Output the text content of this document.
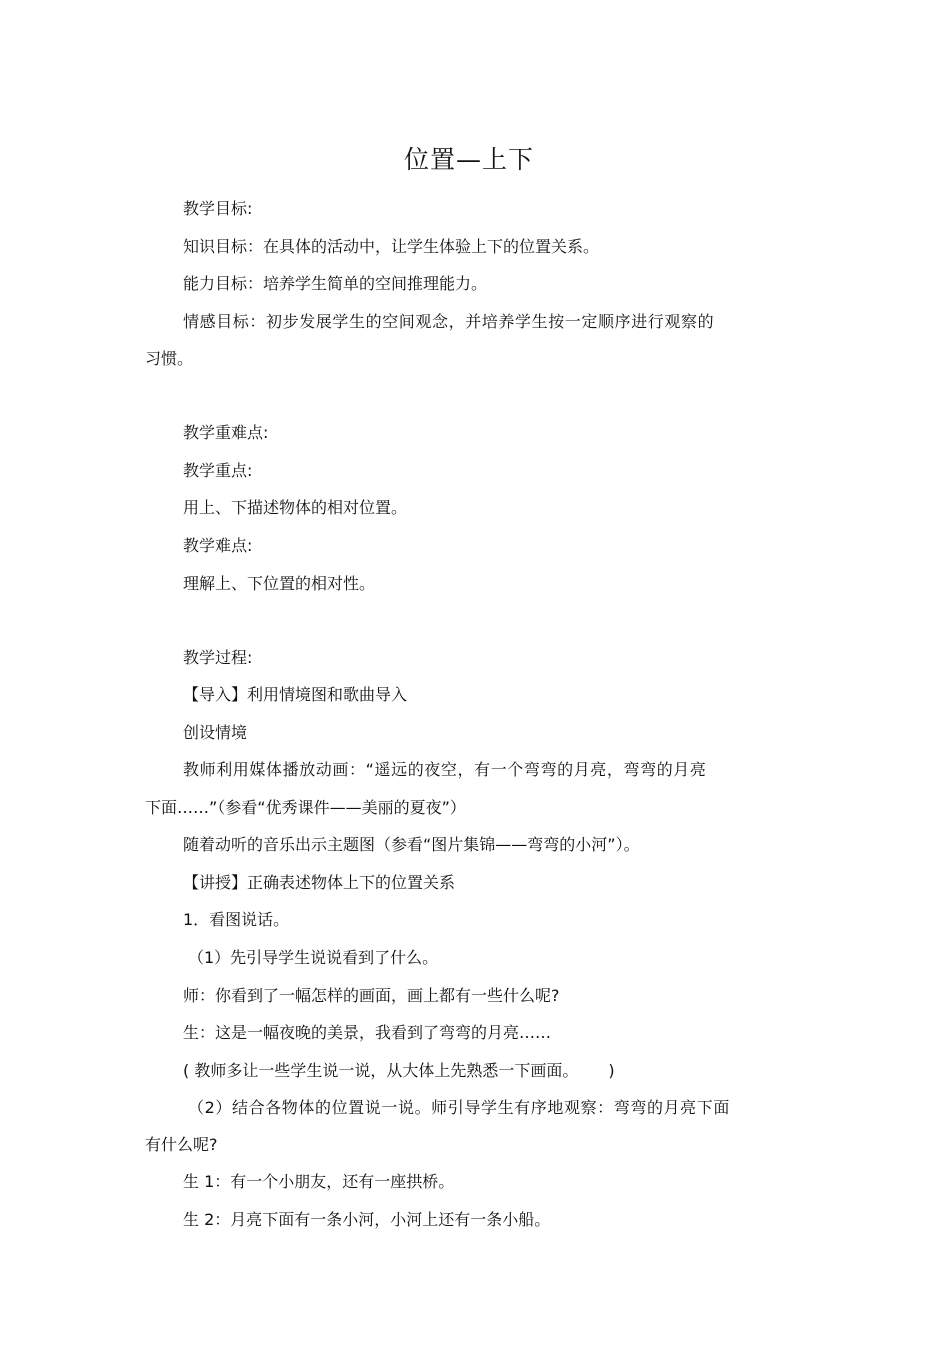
位置—上下
教学目标:
知识目标：在具体的活动中，让学生体验上下的位置关系。
能力目标：培养学生简单的空间推理能力。
情感目标：初步发展学生的空间观念，并培养学生按一定顺序进行观察的
习惯。
教学重难点:
教学重点:
用上、下描述物体的相对位置。
教学难点:
理解上、下位置的相对性。
教学过程:
【导入】利用情境图和歌曲导入
创设情境
教师利用媒体播放动画：“遥远的夜空，有一个弯弯的月亮，弯弯的月亮
下面……”（参看“优秀课件——美丽的夏夜”）
随着动听的音乐出示主题图（参看“图片集锦——弯弯的小河”）。
【讲授】正确表述物体上下的位置关系
1．看图说话。
（1）先引导学生说说看到了什么。
师：你看到了一幅怎样的画面，画上都有一些什么呢?
生：这是一幅夜晚的美景，我看到了弯弯的月亮……
( 教师多让一些学生说一说，从大体上先熟悉一下画面。 )
（2）结合各物体的位置说一说。师引导学生有序地观察：弯弯的月亮下面
有什么呢?
生 1：有一个小朋友，还有一座拱桥。
生 2：月亮下面有一条小河，小河上还有一条小船。
